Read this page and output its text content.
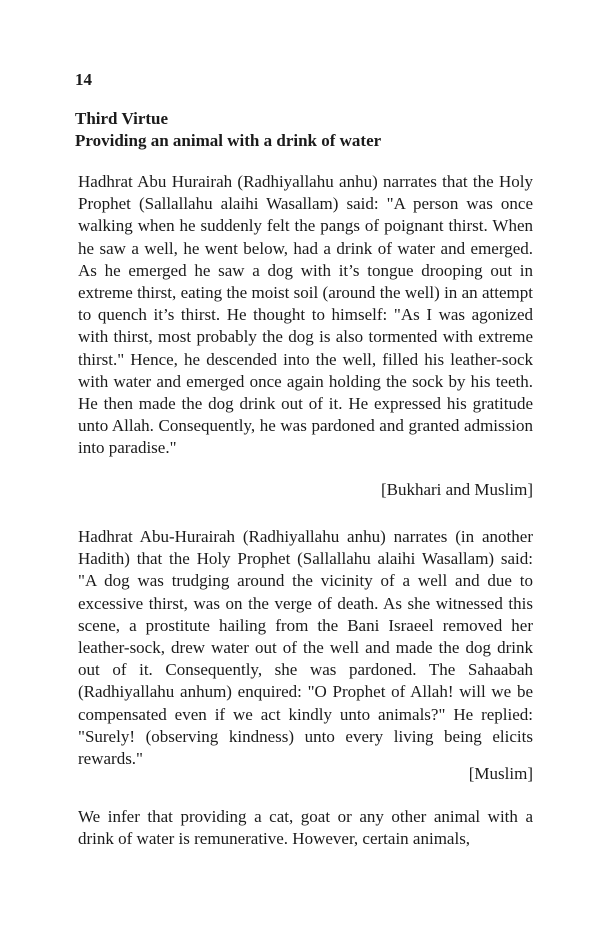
14
Third Virtue
Providing an animal with a drink of water

Hadhrat Abu Hurairah (Radhiyallahu anhu) narrates that the Holy Prophet (Sallallahu alaihi Wasallam) said: "A person was once walking when he suddenly felt the pangs of poignant thirst. When he saw a well, he went below, had a drink of water and emerged. As he emerged he saw a dog with it’s tongue drooping out in extreme thirst, eating the moist soil (around the well) in an attempt to quench it’s thirst. He thought to himself: "As I was agonized with thirst, most probably the dog is also tormented with extreme thirst." Hence, he descended into the well, filled his leather-sock with water and emerged once again holding the sock by his teeth. He then made the dog drink out of it. He expressed his gratitude unto Allah. Consequently, he was pardoned and granted admission into paradise."

[Bukhari and Muslim]

Hadhrat Abu-Hurairah (Radhiyallahu anhu) narrates (in another Hadith) that the Holy Prophet (Sallallahu alaihi Wasallam) said: "A dog was trudging around the vicinity of a well and due to excessive thirst, was on the verge of death. As she witnessed this scene, a prostitute hailing from the Bani Israeel removed her leather-sock, drew water out of the well and made the dog drink out of it. Consequently, she was pardoned. The Sahaabah (Radhiyallahu anhum) enquired: "O Prophet of Allah! will we be compensated even if we act kindly unto animals?" He replied: "Surely! (observing kindness) unto every living being elicits rewards."

[Muslim]

We infer that providing a cat, goat or any other animal with a drink of water is remunerative. However, certain animals,
